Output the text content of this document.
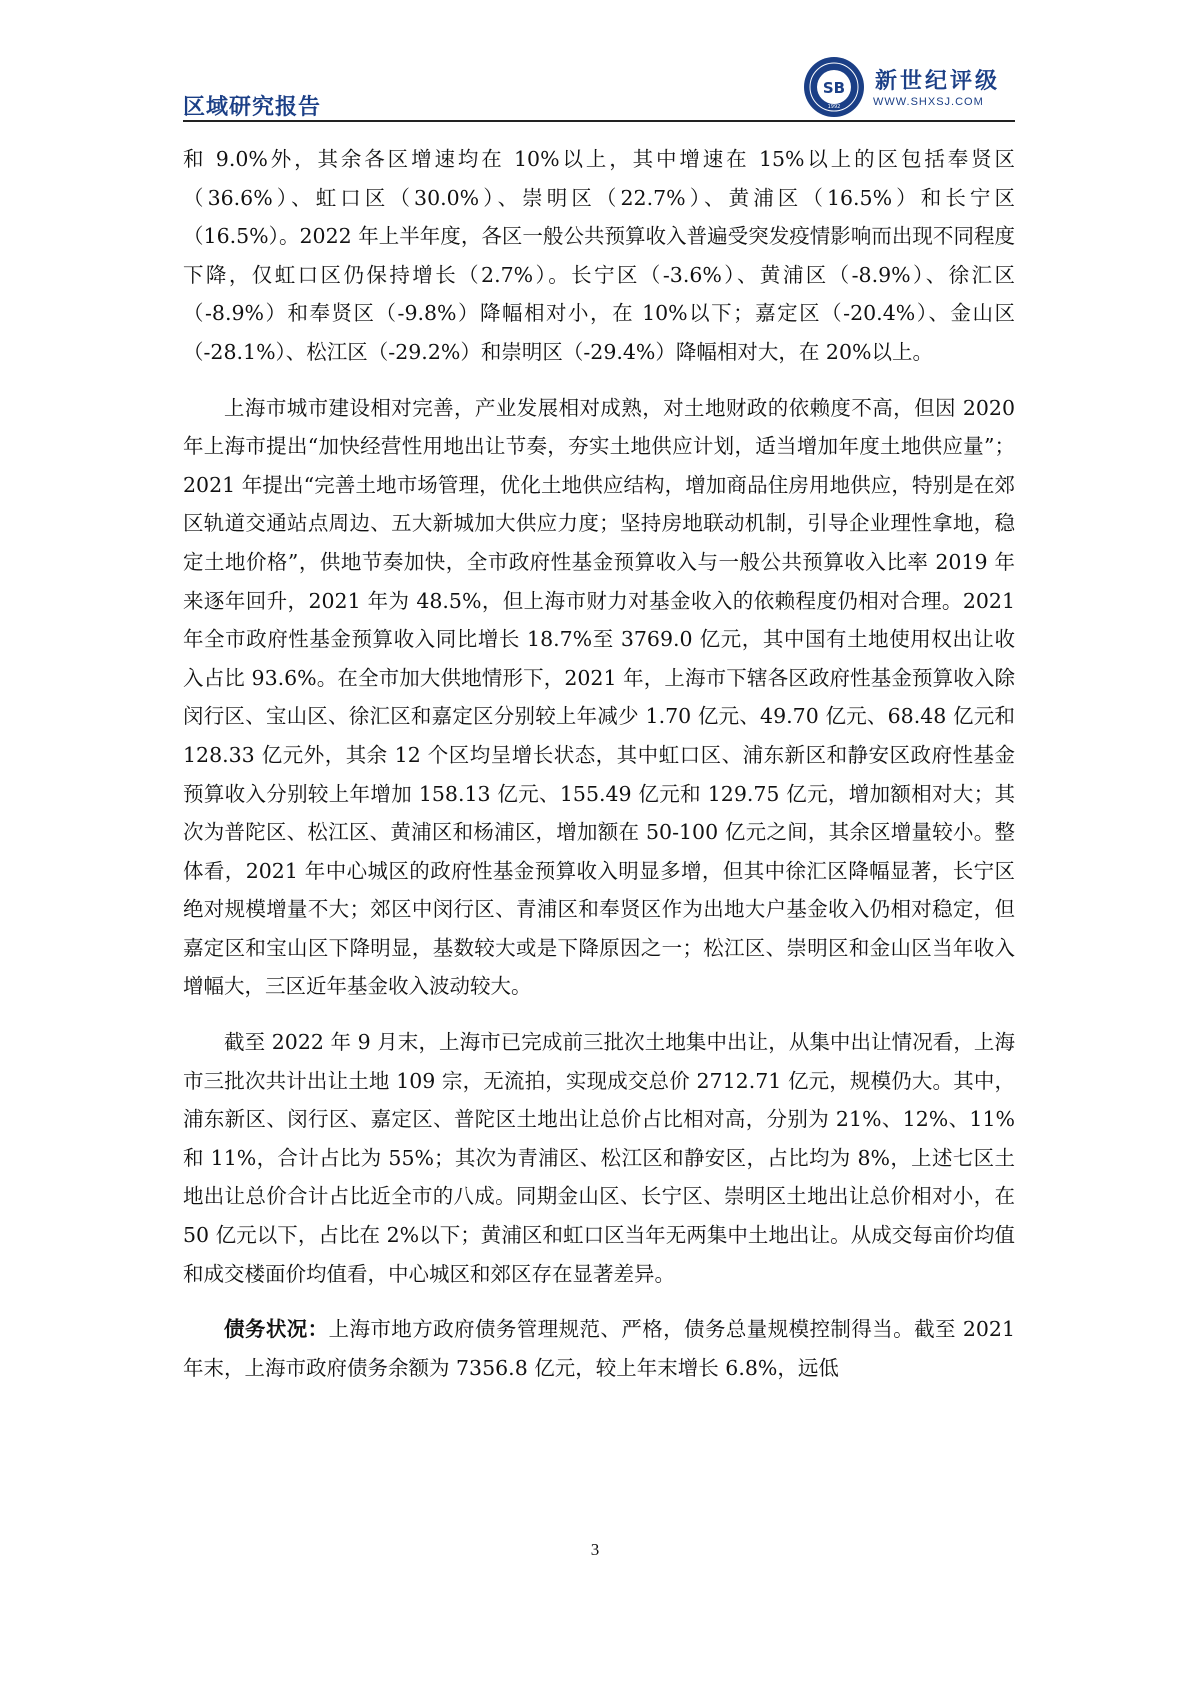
区域研究报告
SB
1992
新世纪评级
WWW.SHXSJ.COM

和 9.0%外，其余各区增速均在 10%以上，其中增速在 15%以上的区包括奉贤区（36.6%）、虹口区（30.0%）、崇明区（22.7%）、黄浦区（16.5%）和长宁区（16.5%）。2022 年上半年度，各区一般公共预算收入普遍受突发疫情影响而出现不同程度下降，仅虹口区仍保持增长（2.7%）。长宁区（-3.6%）、黄浦区（-8.9%）、徐汇区（-8.9%）和奉贤区（-9.8%）降幅相对小，在 10%以下；嘉定区（-20.4%）、金山区（-28.1%）、松江区（-29.2%）和崇明区（-29.4%）降幅相对大，在 20%以上。

上海市城市建设相对完善，产业发展相对成熟，对土地财政的依赖度不高，但因 2020 年上海市提出“加快经营性用地出让节奏，夯实土地供应计划，适当增加年度土地供应量”；2021 年提出“完善土地市场管理，优化土地供应结构，增加商品住房用地供应，特别是在郊区轨道交通站点周边、五大新城加大供应力度；坚持房地联动机制，引导企业理性拿地，稳定土地价格”，供地节奏加快，全市政府性基金预算收入与一般公共预算收入比率 2019 年来逐年回升，2021 年为 48.5%，但上海市财力对基金收入的依赖程度仍相对合理。2021 年全市政府性基金预算收入同比增长 18.7%至 3769.0 亿元，其中国有土地使用权出让收入占比 93.6%。在全市加大供地情形下，2021 年，上海市下辖各区政府性基金预算收入除闵行区、宝山区、徐汇区和嘉定区分别较上年减少 1.70 亿元、49.70 亿元、68.48 亿元和 128.33 亿元外，其余 12 个区均呈增长状态，其中虹口区、浦东新区和静安区政府性基金预算收入分别较上年增加 158.13 亿元、155.49 亿元和 129.75 亿元，增加额相对大；其次为普陀区、松江区、黄浦区和杨浦区，增加额在 50-100 亿元之间，其余区增量较小。整体看，2021 年中心城区的政府性基金预算收入明显多增，但其中徐汇区降幅显著，长宁区绝对规模增量不大；郊区中闵行区、青浦区和奉贤区作为出地大户基金收入仍相对稳定，但嘉定区和宝山区下降明显，基数较大或是下降原因之一；松江区、崇明区和金山区当年收入增幅大，三区近年基金收入波动较大。

截至 2022 年 9 月末，上海市已完成前三批次土地集中出让，从集中出让情况看，上海市三批次共计出让土地 109 宗，无流拍，实现成交总价 2712.71 亿元，规模仍大。其中，浦东新区、闵行区、嘉定区、普陀区土地出让总价占比相对高，分别为 21%、12%、11%和 11%，合计占比为 55%；其次为青浦区、松江区和静安区，占比均为 8%，上述七区土地出让总价合计占比近全市的八成。同期金山区、长宁区、崇明区土地出让总价相对小，在 50 亿元以下，占比在 2%以下；黄浦区和虹口区当年无两集中土地出让。从成交每亩价均值和成交楼面价均值看，中心城区和郊区存在显著差异。

债务状况：上海市地方政府债务管理规范、严格，债务总量规模控制得当。截至 2021 年末，上海市政府债务余额为 7356.8 亿元，较上年末增长 6.8%，远低

3
